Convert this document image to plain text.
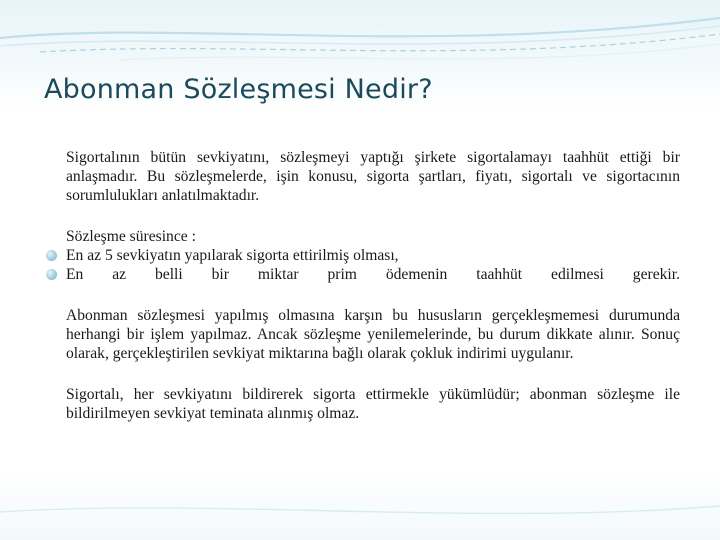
Abonman Sözleşmesi Nedir?

Sigortalının bütün sevkiyatını, sözleşmeyi yaptığı şirkete sigortalamayı taahhüt ettiği bir anlaşmadır. Bu sözleşmelerde, işin konusu, sigorta şartları, fiyatı, sigortalı ve sigortacının sorumlulukları anlatılmaktadır.

Sözleşme süresince :

En az 5 sevkiyatın yapılarak sigorta ettirilmiş olması,
En az belli bir miktar prim ödemenin taahhüt edilmesi gerekir.

Abonman sözleşmesi yapılmış olmasına karşın bu hususların gerçekleşmemesi durumunda herhangi bir işlem yapılmaz. Ancak sözleşme yenilemelerinde, bu durum dikkate alınır. Sonuç olarak, gerçekleştirilen sevkiyat miktarına bağlı olarak çokluk indirimi uygulanır.

Sigortalı, her sevkiyatını bildirerek sigorta ettirmekle yükümlüdür; abonman sözleşme ile bildirilmeyen sevkiyat teminata alınmış olmaz.
